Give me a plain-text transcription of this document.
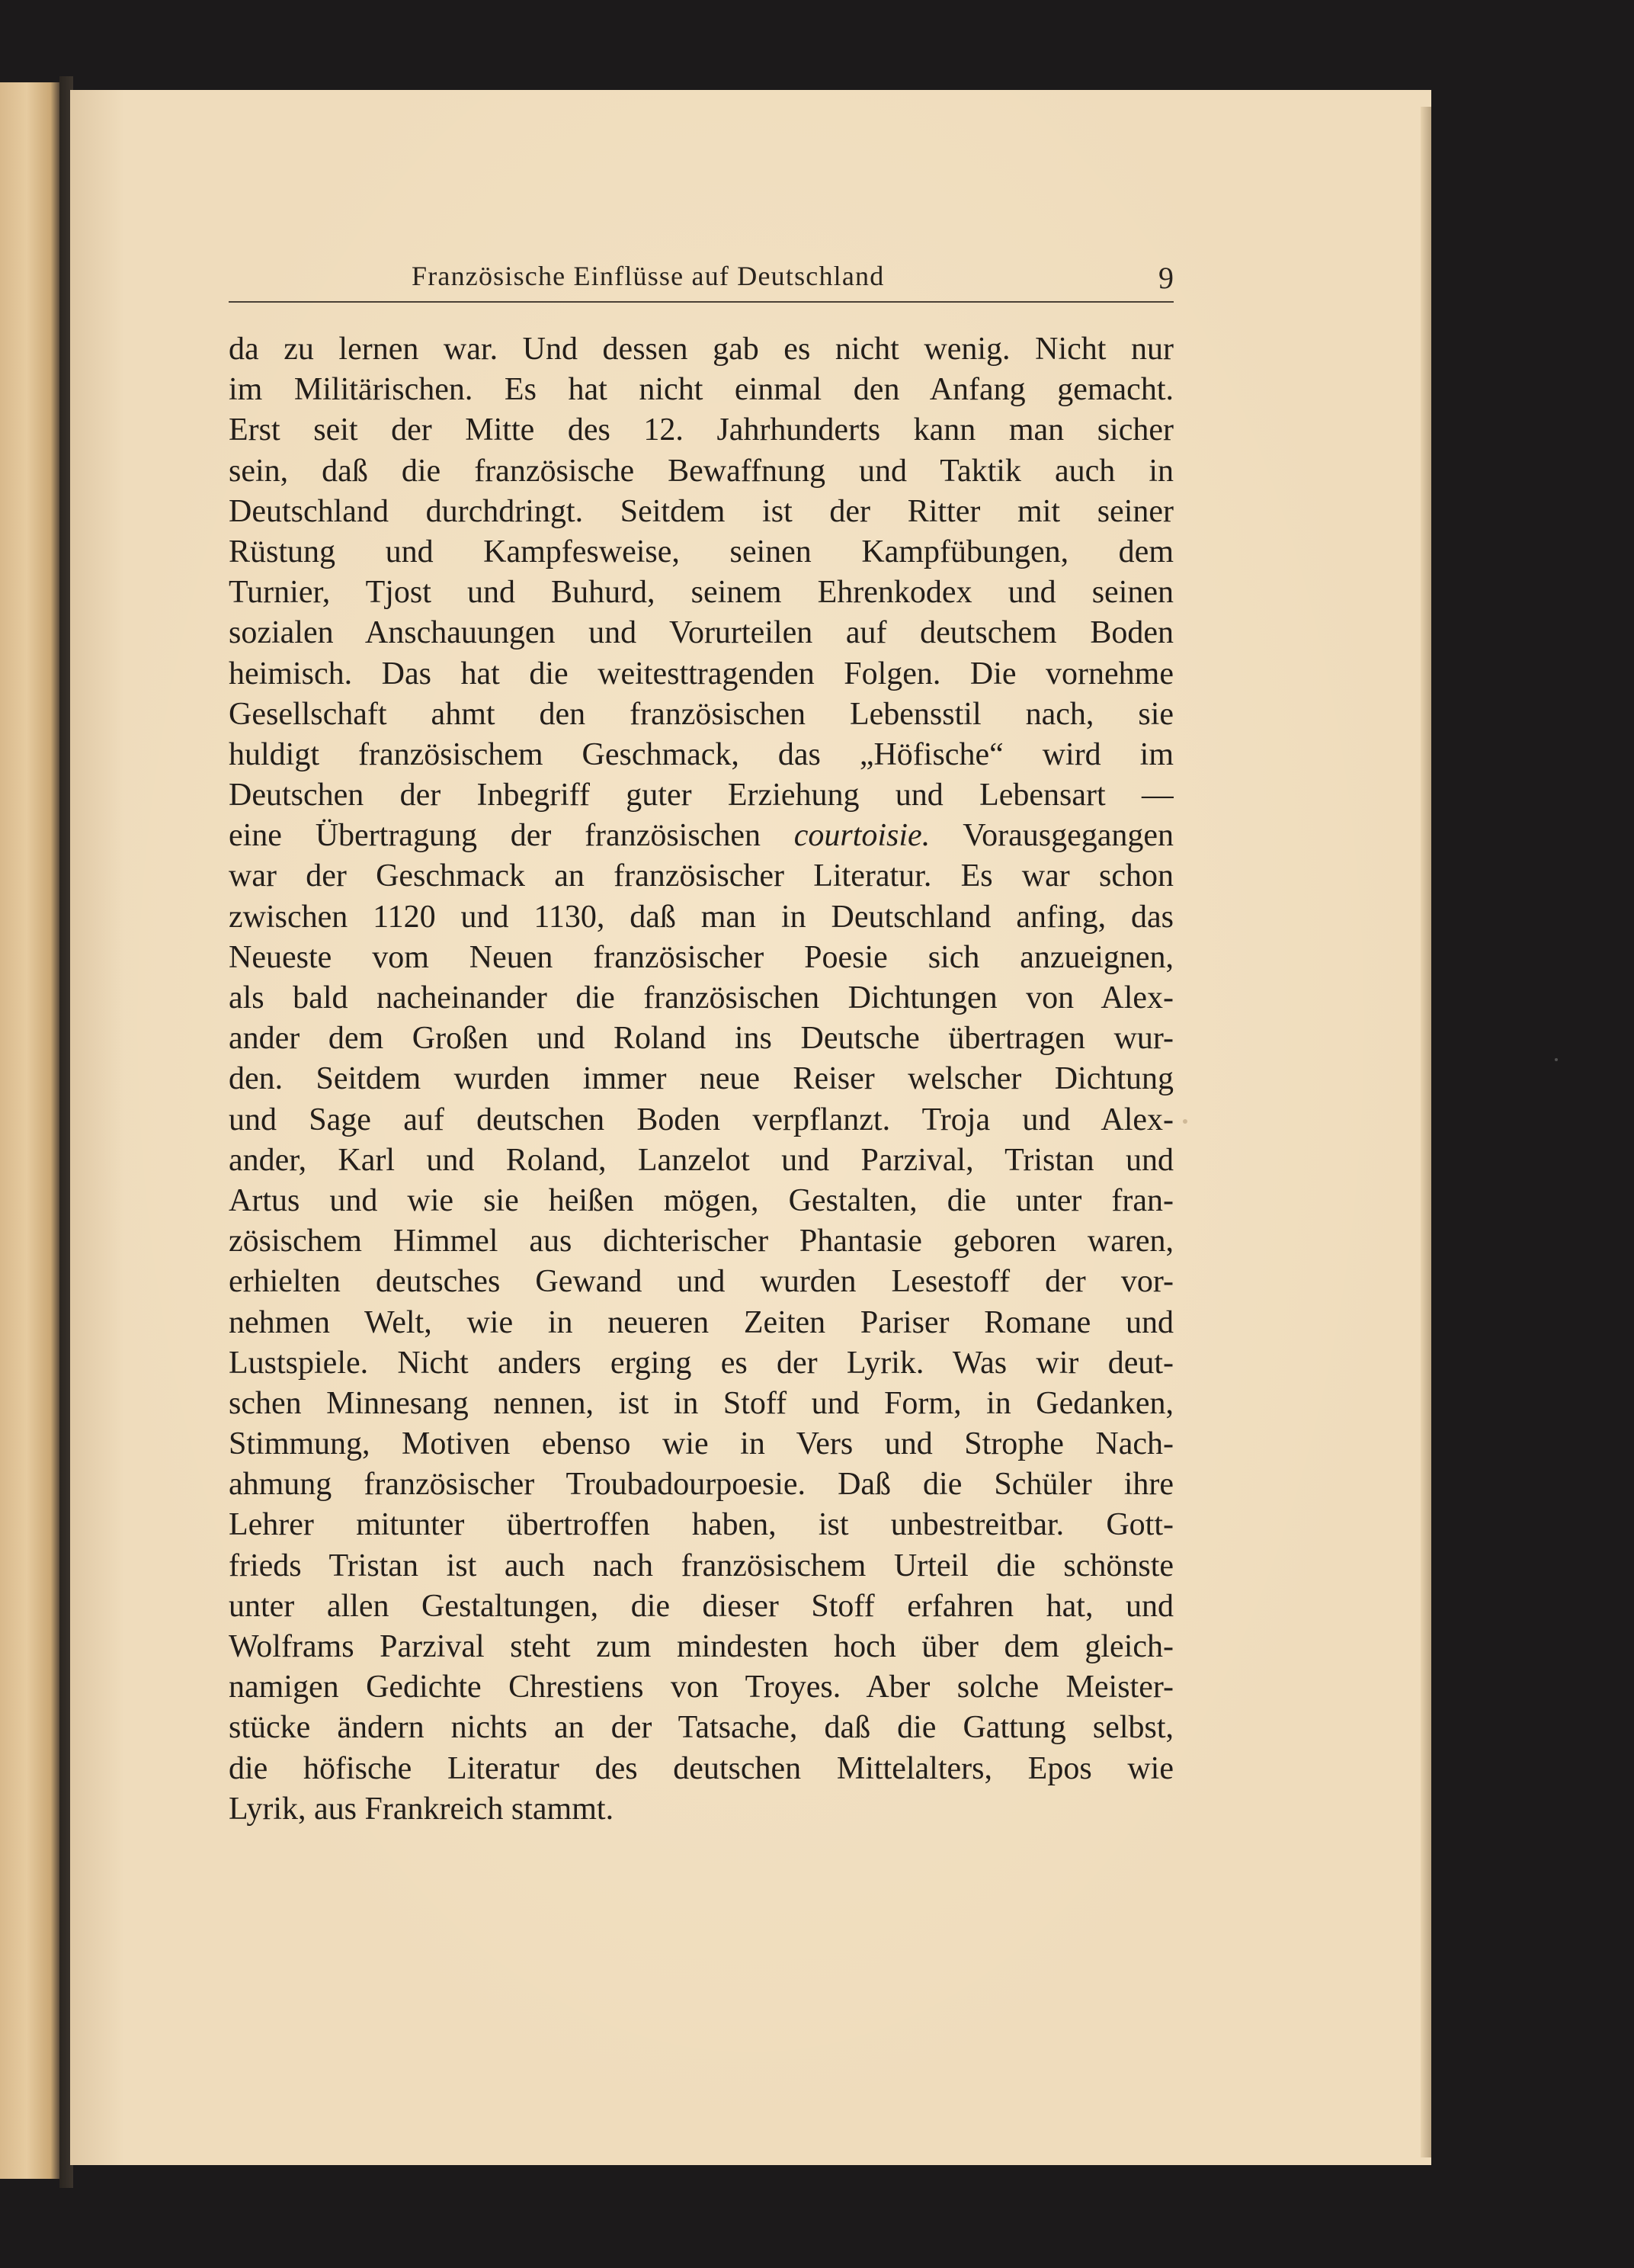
Französische Einflüsse auf Deutschland	9
da zu lernen war. Und dessen gab es nicht wenig. Nicht nur
im Militärischen. Es hat nicht einmal den Anfang gemacht.
Erst seit der Mitte des 12. Jahrhunderts kann man sicher
sein, daß die französische Bewaffnung und Taktik auch in
Deutschland durchdringt. Seitdem ist der Ritter mit seiner
Rüstung und Kampfesweise, seinen Kampfübungen, dem
Turnier, Tjost und Buhurd, seinem Ehrenkodex und seinen
sozialen Anschauungen und Vorurteilen auf deutschem Boden
heimisch. Das hat die weitesttragenden Folgen. Die vornehme
Gesellschaft ahmt den französischen Lebensstil nach, sie
huldigt französischem Geschmack, das „Höfische“ wird im
Deutschen der Inbegriff guter Erziehung und Lebensart —
eine Übertragung der französischen courtoisie. Vorausgegangen
war der Geschmack an französischer Literatur. Es war schon
zwischen 1120 und 1130, daß man in Deutschland anfing, das
Neueste vom Neuen französischer Poesie sich anzueignen,
als bald nacheinander die französischen Dichtungen von Alex-
ander dem Großen und Roland ins Deutsche übertragen wur-
den. Seitdem wurden immer neue Reiser welscher Dichtung
und Sage auf deutschen Boden verpflanzt. Troja und Alex-
ander, Karl und Roland, Lanzelot und Parzival, Tristan und
Artus und wie sie heißen mögen, Gestalten, die unter fran-
zösischem Himmel aus dichterischer Phantasie geboren waren,
erhielten deutsches Gewand und wurden Lesestoff der vor-
nehmen Welt, wie in neueren Zeiten Pariser Romane und
Lustspiele. Nicht anders erging es der Lyrik. Was wir deut-
schen Minnesang nennen, ist in Stoff und Form, in Gedanken,
Stimmung, Motiven ebenso wie in Vers und Strophe Nach-
ahmung französischer Troubadourpoesie. Daß die Schüler ihre
Lehrer mitunter übertroffen haben, ist unbestreitbar. Gott-
frieds Tristan ist auch nach französischem Urteil die schönste
unter allen Gestaltungen, die dieser Stoff erfahren hat, und
Wolframs Parzival steht zum mindesten hoch über dem gleich-
namigen Gedichte Chrestiens von Troyes. Aber solche Meister-
stücke ändern nichts an der Tatsache, daß die Gattung selbst,
die höfische Literatur des deutschen Mittelalters, Epos wie
Lyrik, aus Frankreich stammt.
